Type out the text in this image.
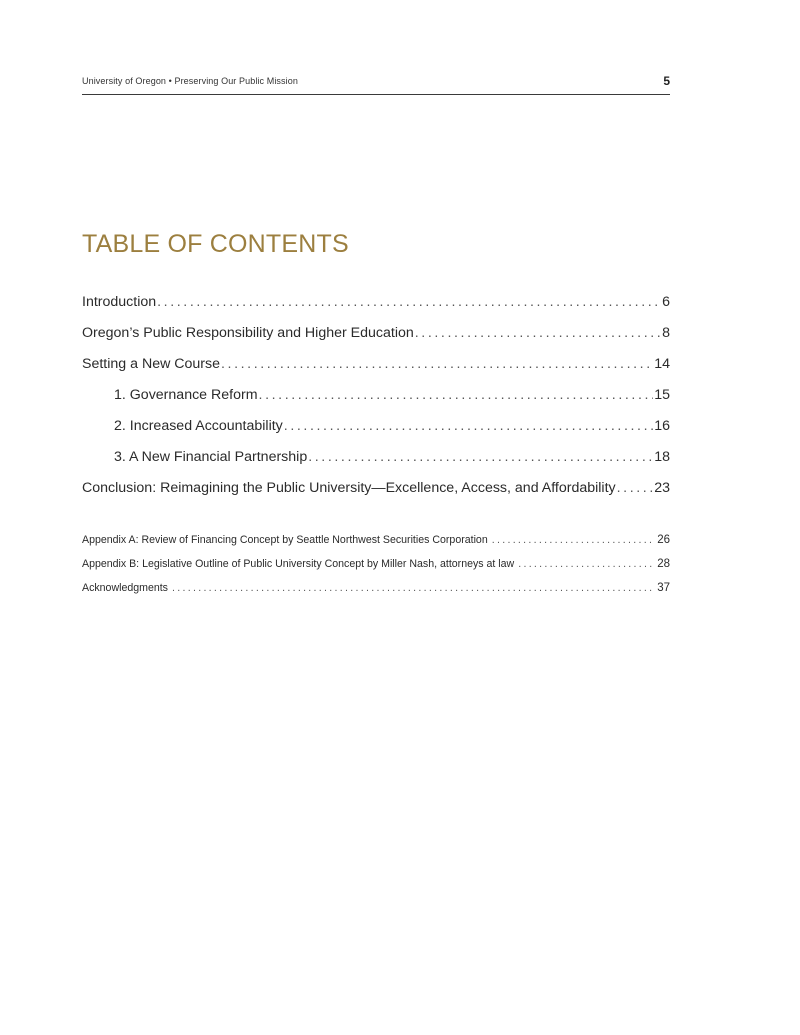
University of Oregon • Preserving Our Public Mission	5
TABLE OF CONTENTS
Introduction .....	6
Oregon’s Public Responsibility and Higher Education .....	8
Setting a New Course .....	14
1. Governance Reform .....	15
2. Increased Accountability .....	16
3. A New Financial Partnership .....	18
Conclusion: Reimagining the Public University—Excellence, Access, and Affordability .....	23
Appendix A: Review of Financing Concept by Seattle Northwest Securities Corporation .....	26
Appendix B: Legislative Outline of Public University Concept by Miller Nash, attorneys at law .....	28
Acknowledgments .....	37
